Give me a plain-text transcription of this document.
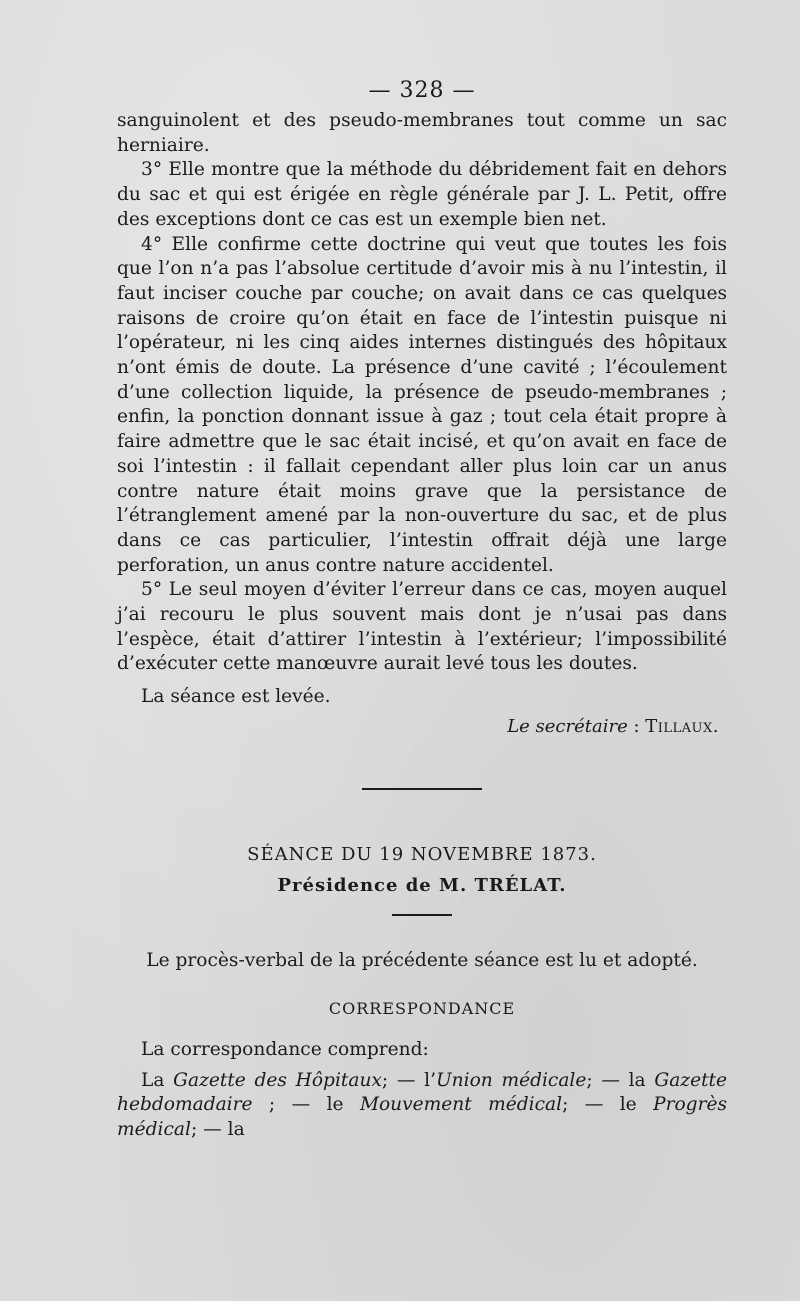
— 328 —

sanguinolent et des pseudo-membranes tout comme un sac herniaire.

3° Elle montre que la méthode du débridement fait en dehors du sac et qui est érigée en règle générale par J. L. Petit, offre des exceptions dont ce cas est un exemple bien net.

4° Elle confirme cette doctrine qui veut que toutes les fois que l’on n’a pas l’absolue certitude d’avoir mis à nu l’intestin, il faut inciser couche par couche; on avait dans ce cas quelques raisons de croire qu’on était en face de l’intestin puisque ni l’opérateur, ni les cinq aides internes distingués des hôpitaux n’ont émis de doute. La présence d’une cavité ; l’écoulement d’une collection liquide, la présence de pseudo-membranes ; enfin, la ponction donnant issue à gaz ; tout cela était propre à faire admettre que le sac était incisé, et qu’on avait en face de soi l’intestin : il fallait cependant aller plus loin car un anus contre nature était moins grave que la persistance de l’étranglement amené par la non-ouverture du sac, et de plus dans ce cas particulier, l’intestin offrait déjà une large perforation, un anus contre nature accidentel.

5° Le seul moyen d’éviter l’erreur dans ce cas, moyen auquel j’ai recouru le plus souvent mais dont je n’usai pas dans l’espèce, était d’attirer l’intestin à l’extérieur; l’impossibilité d’exécuter cette manœuvre aurait levé tous les doutes.

La séance est levée.

Le secrétaire : Tillaux.
SÉANCE DU 19 NOVEMBRE 1873.
Présidence de M. TRÉLAT.
Le procès-verbal de la précédente séance est lu et adopté.
CORRESPONDANCE

La correspondance comprend:

La Gazette des Hôpitaux; — l’Union médicale; — la Gazette hebdomadaire ; — le Mouvement médical; — le Progrès médical; — la
